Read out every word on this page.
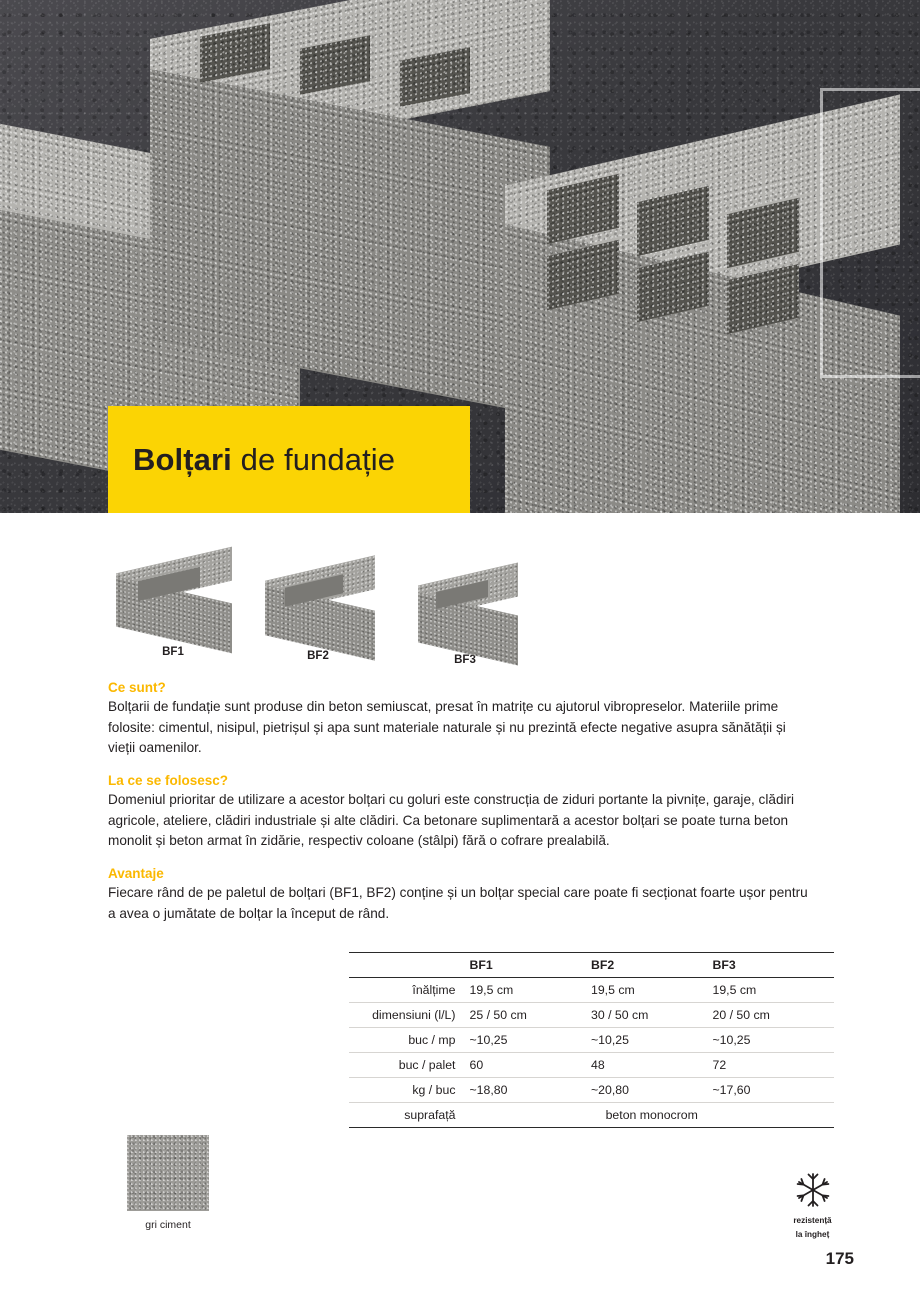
Bolțari de fundație
BF1	BF2	BF3
Ce sunt?
Bolțarii de fundație sunt produse din beton semiuscat, presat în matrițe cu ajutorul vibropreselor. Materiile prime folosite: cimentul, nisipul, pietrișul și apa sunt materiale naturale și nu prezintă efecte negative asupra sănătății și vieții oamenilor.
La ce se folosesc?
Domeniul prioritar de utilizare a acestor bolțari cu goluri este construcția de ziduri portante la pivnițe, garaje, clădiri agricole, ateliere, clădiri industriale și alte clădiri. Ca betonare suplimentară a acestor bolțari se poate turna beton monolit și beton armat în zidărie, respectiv coloane (stâlpi) fără o cofrare prealabilă.
Avantaje
Fiecare rând de pe paletul de bolțari (BF1, BF2) conține și un bolțar special care poate fi secționat foarte ușor pentru a avea o jumătate de bolțar la început de rând.
	BF1	BF2	BF3
înălțime	19,5 cm	19,5 cm	19,5 cm
dimensiuni (l/L)	25 / 50 cm	30 / 50 cm	20 / 50 cm
buc / mp	~10,25	~10,25	~10,25
buc / palet	60	48	72
kg / buc	~18,80	~20,80	~17,60
suprafață	beton monocrom		
gri ciment	rezistență
la îngheț
175
